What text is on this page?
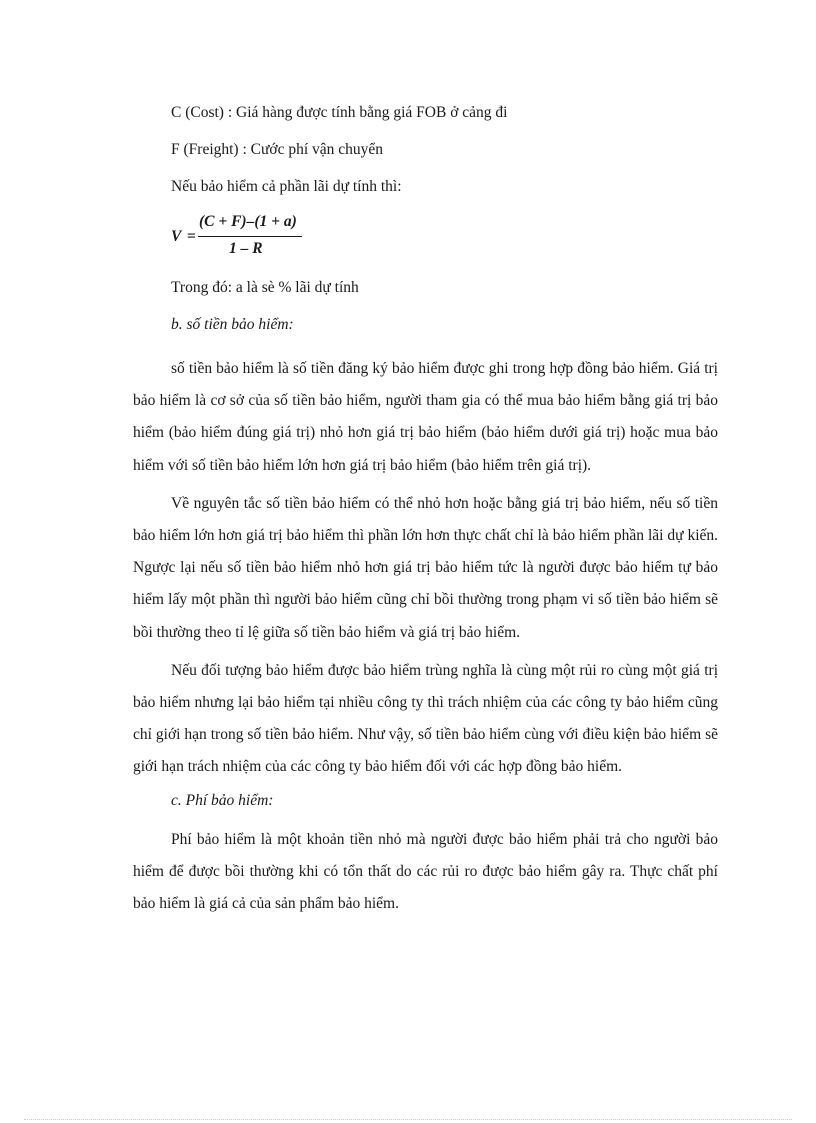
C (Cost) : Giá hàng được tính bằng giá FOB ở cảng đi
F (Freight) : Cước phí vận chuyển
Nếu bảo hiểm cả phần lãi dự tính thì:
V =
(C + F)–(1 + a)
1 – R
Trong đó: a là sè % lãi dự tính
b. số tiền bảo hiểm:

số tiền bảo hiểm là số tiền đăng ký bảo hiểm được ghi trong hợp đồng bảo hiểm. Giá trị bảo hiểm là cơ sở của số tiền bảo hiểm, người tham gia có thể mua bảo hiểm bằng giá trị bảo hiểm (bảo hiểm đúng giá trị) nhỏ hơn giá trị bảo hiểm (bảo hiểm dưới giá trị) hoặc mua bảo hiểm với số tiền bảo hiểm lớn hơn giá trị bảo hiểm (bảo hiểm trên giá trị).

Về nguyên tắc số tiền bảo hiểm có thể nhỏ hơn hoặc bằng giá trị bảo hiểm, nếu số tiền bảo hiểm lớn hơn giá trị bảo hiểm thì phần lớn hơn thực chất chỉ là bảo hiểm phần lãi dự kiến. Ngược lại nếu số tiền bảo hiểm nhỏ hơn giá trị bảo hiểm tức là người được bảo hiểm tự bảo hiểm lấy một phần thì người bảo hiểm cũng chỉ bồi thường trong phạm vi số tiền bảo hiểm sẽ bồi thường theo tỉ lệ giữa số tiền bảo hiểm và giá trị bảo hiểm.

Nếu đối tượng bảo hiểm được bảo hiểm trùng nghĩa là cùng một rủi ro cùng một giá trị bảo hiểm nhưng lại bảo hiểm tại nhiều công ty thì trách nhiệm của các công ty bảo hiểm cũng chỉ giới hạn trong số tiền bảo hiểm. Như vậy, số tiền bảo hiểm cùng với điều kiện bảo hiểm sẽ giới hạn trách nhiệm của các công ty bảo hiểm đối với các hợp đồng bảo hiểm.

c. Phí bảo hiểm:

Phí bảo hiểm là một khoản tiền nhỏ mà người được bảo hiểm phải trả cho người bảo hiểm để được bồi thường khi có tổn thất do các rủi ro được bảo hiểm gây ra. Thực chất phí bảo hiểm là giá cả của sản phẩm bảo hiểm.
